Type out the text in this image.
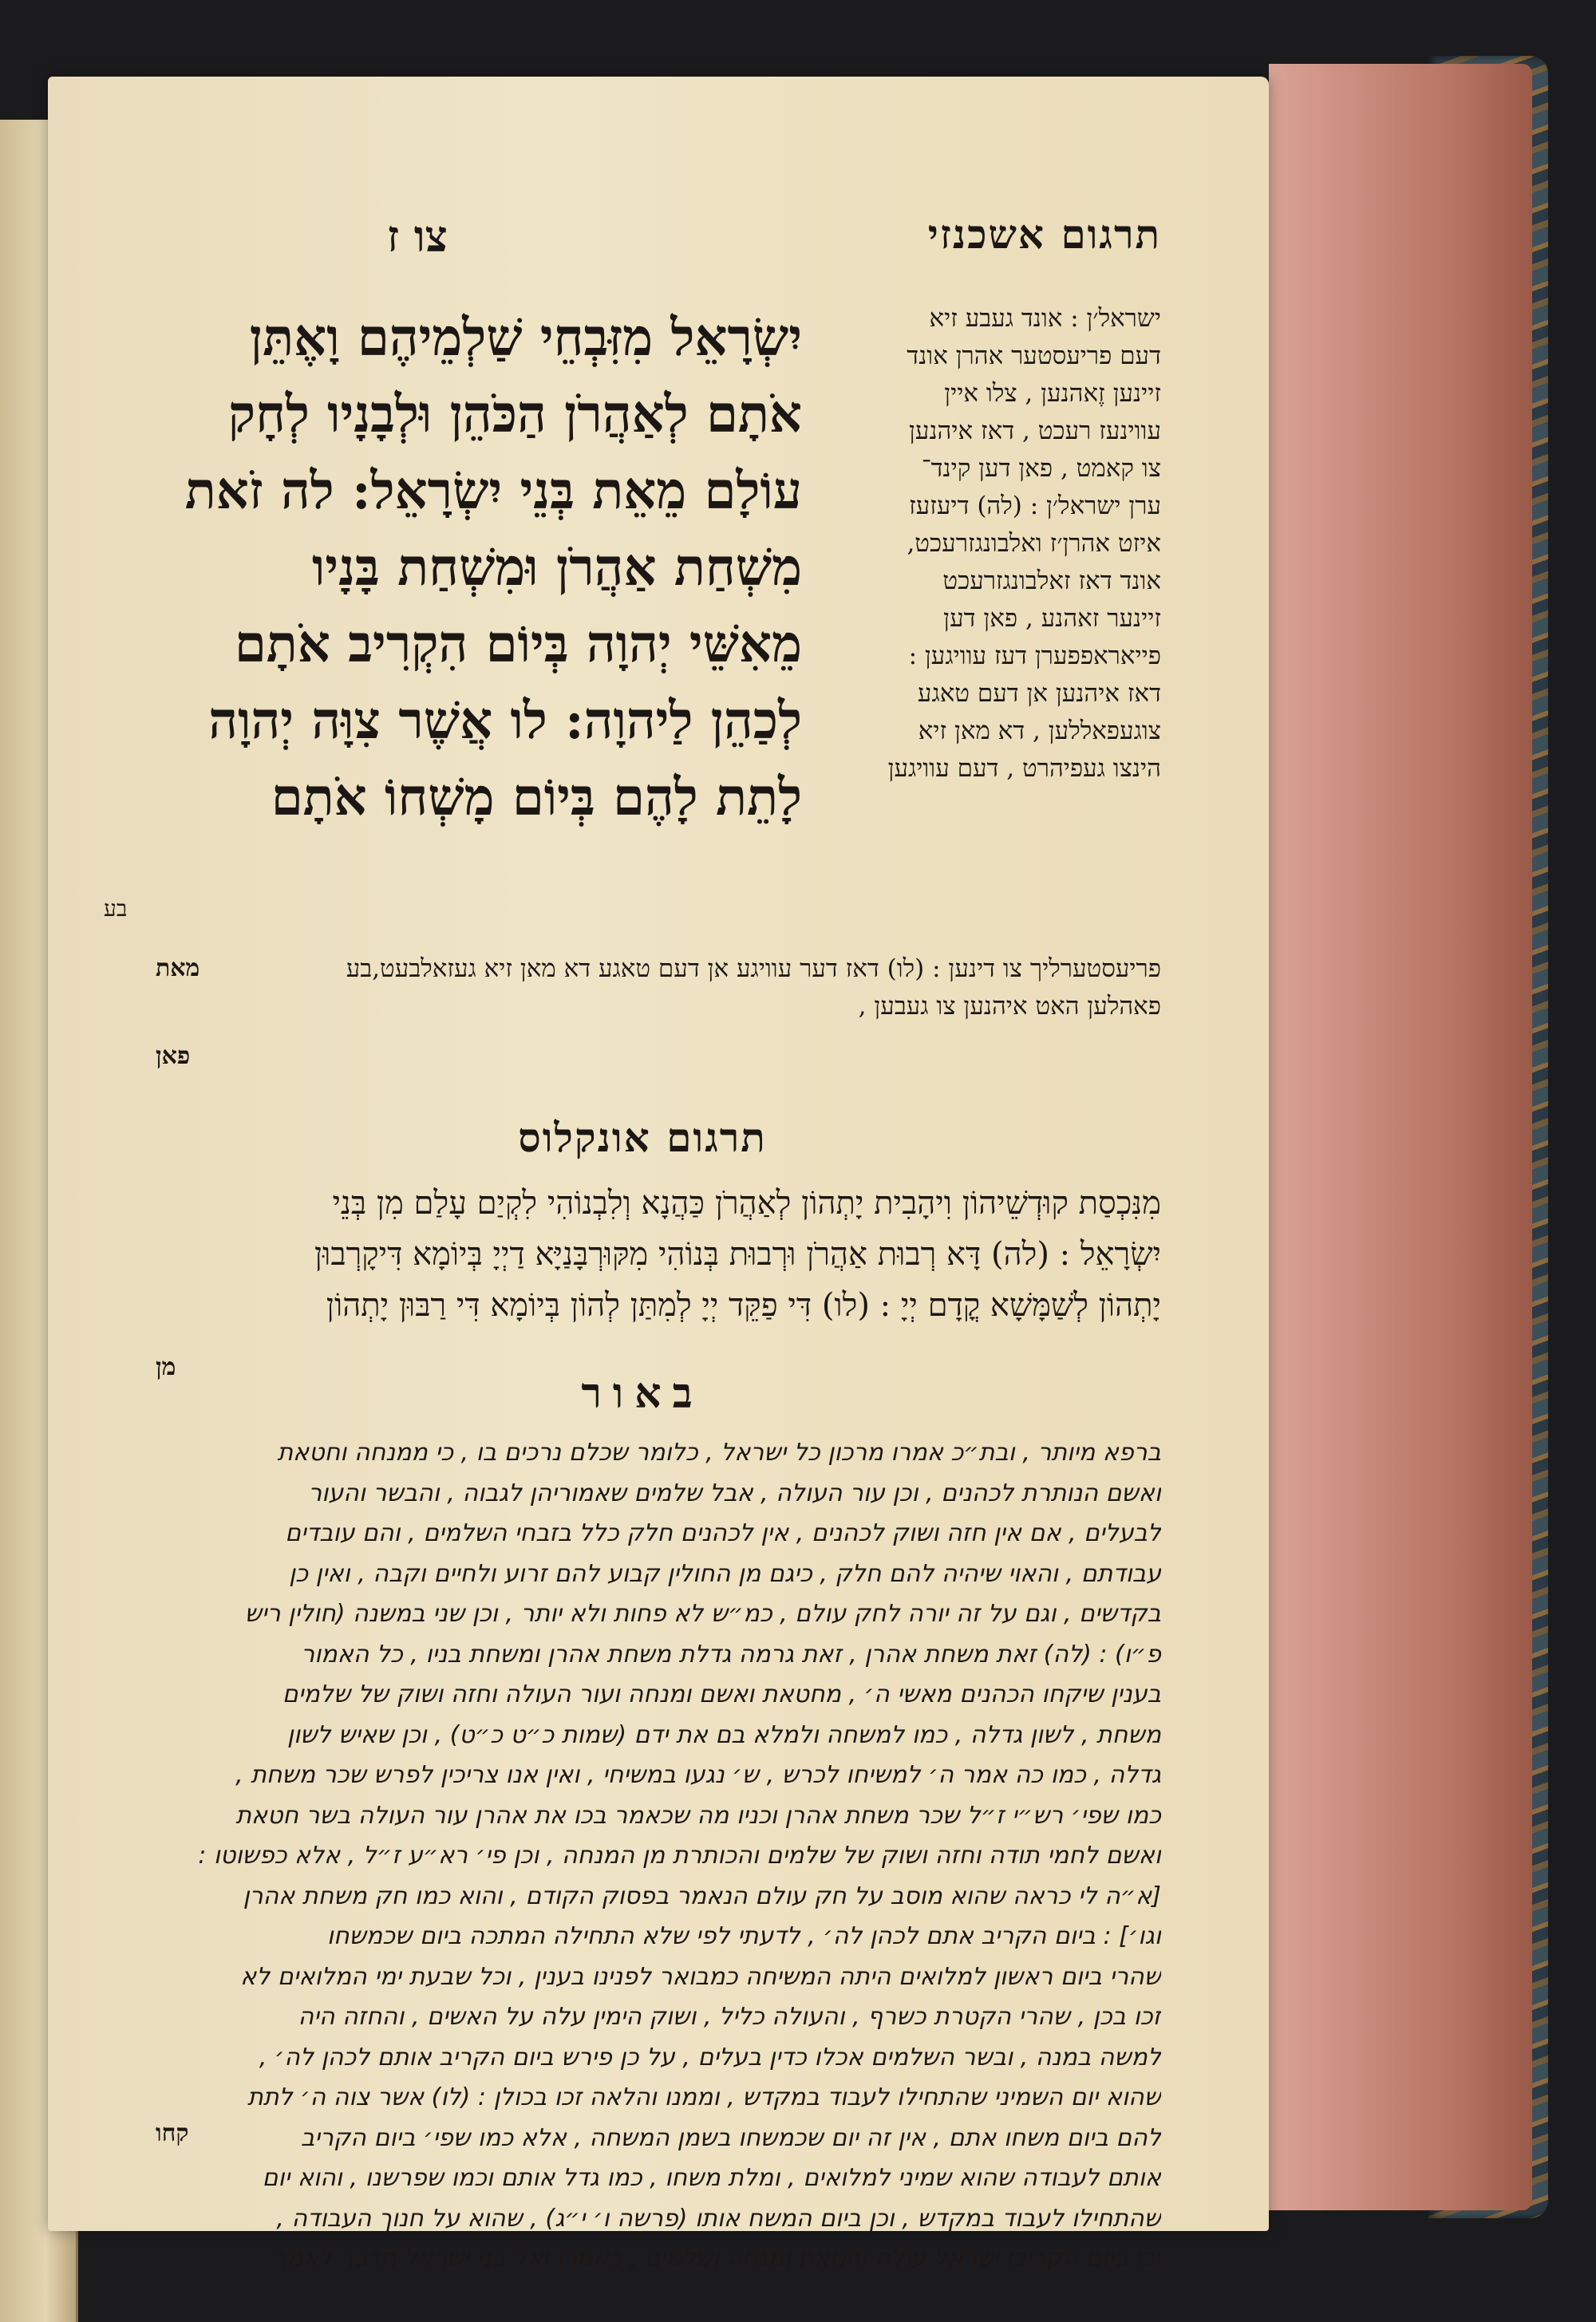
תרגום אשכנזי
צו ז
יִשְׂרָאֵל מִזִּבְחֵי שַׁלְמֵיהֶם וָאֶתֵּן
אֹתָם לְאַהֲרֹן הַכֹּהֵן וּלְבָנָיו לְחָק
עוֹלָם מֵאֵת בְּנֵי יִשְׂרָאֵל: לה זֹאת
מִשְׁחַת אַהֲרֹן וּמִשְׁחַת בָּנָיו
מֵאִשֵּׁי יְהוָה בְּיוֹם הִקְרִיב אֹתָם
לְכַהֵן לַיהוָה: לו אֲשֶׁר צִוָּה יְהוָה
לָתֵת לָהֶם בְּיוֹם מָשְׁחוֹ אֹתָם
מאת

ישראל׳ן : אונד געבע זיא

דעם פריעסטער אהרן אונד

זיינען זֶאהנען , צלו איין

עווינעז רעכט , דאז איהנען

צו קאמט , פאן דען קינד־

ערן ישראל׳ן : (לה) דיעזעז

איזט אהרן׳ז ואלבונגזרעכט,

אונד דאז זאלבונגזרעכט

זיינער זאהנע , פאן דען

פייאראפפערן דעז עוויגען :

דאז איהנען אן דעם טאגע

צוגעפאללען , דא מאן זיא

הינצו געפיהרט , דעם עוויגען

פריעסטערליך צו דינען : (לו) דאז דער עוויגע אן דעם טאגע דא מאן זיא געזאלבעט,בע

פאהלען האט איהנען צו געבען ,

פאן
תרגום אונקלוס

מִנִּכְסַת קוּדְשֵׁיהוֹן וִיהָבִית יָתְהוֹן לְאַהֲרֹן כַּהֲנָא וְלִבְנוֹהִי לִקְיַם עָלַם מִן בְּנֵי

יִשְׂרָאֵל : (לה) דָּא רְבוּת אַהֲרֹן וּרְבוּת בְּנוֹהִי מִקּוּרְבָּנַיָּא דַיְיָ בְּיוֹמָא דִּיקָרְבוּן

יָתְהוֹן לְשַׁמָּשָׁא קֳדָם יְיָ : (לו) דִּי פַקֵּד יְיָ לְמִתַּן לְהוֹן בְּיוֹמָא דִּי רַבּוּן יָתְהוֹן

מן
באור

ברפא מיותר , ובת״כ אמרו מרכון כל ישראל , כלומר שכלם נרכים בו , כי ממנחה וחטאת

ואשם הנותרת לכהנים , וכן עור העולה , אבל שלמים שאמוריהן לגבוה , והבשר והעור

לבעלים , אם אין חזה ושוק לכהנים , אין לכהנים חלק כלל בזבחי השלמים , והם עובדים

עבודתם , והאוי שיהיה להם חלק , כיגם מן החולין קבוע להם זרוע ולחיים וקבה , ואין כן

בקדשים , וגם על זה יורה לחק עולם , כמ״ש לא פחות ולא יותר , וכן שני במשנה (חולין ריש

פ״ו) : (לה) זאת משחת אהרן , זאת גרמה גדלת משחת אהרן ומשחת בניו , כל האמור

בענין שיקחו הכהנים מאשי ה׳ , מחטאת ואשם ומנחה ועור העולה וחזה ושוק של שלמים

משחת , לשון גדלה , כמו למשחה ולמלא בם את ידם (שמות כ״ט כ״ט) , וכן שאיש לשון

גדלה , כמו כה אמר ה׳ למשיחו לכרש , ש׳ נגעו במשיחי , ואין אנו צריכין לפרש שכר משחת ,

כמו שפי׳ רש״י ז״ל שכר משחת אהרן וכניו מה שכאמר בכו את אהרן עור העולה בשר חטאת

ואשם לחמי תודה וחזה ושוק של שלמים והכותרת מן המנחה , וכן פי׳ רא״ע ז״ל , אלא כפשוטו :

[א״ה לי כראה שהוא מוסב על חק עולם הנאמר בפסוק הקודם , והוא כמו חק משחת אהרן

וגו׳] : ביום הקריב אתם לכהן לה׳ , לדעתי לפי שלא התחילה המתכה ביום שכמשחו

שהרי ביום ראשון למלואים היתה המשיחה כמבואר לפנינו בענין , וכל שבעת ימי המלואים לא

זכו בכן , שהרי הקטרת כשרף , והעולה כליל , ושוק הימין עלה על האשים , והחזה היה

למשה במנה , ובשר השלמים אכלו כדין בעלים , על כן פירש ביום הקריב אותם לכהן לה׳ ,

שהוא יום השמיני שהתחילו לעבוד במקדש , וממנו והלאה זכו בכולן : (לו) אשר צוה ה׳ לתת

להם ביום משחו אתם , אין זה יום שכמשחו בשמן המשחה , אלא כמו שפי׳ ביום הקריב

אותם לעבודה שהוא שמיני למלואים , ומלת משחו , כמו גדל אותם וכמו שפרשנו , והוא יום

שהתחילו לעבוד במקדש , וכן ביום המשח אותו (פרשה ו׳ י״ג) , שהוא על חנוך העבודה ,

וכו ביום הקריבו ישראל עולה וחטאת ומנחה ושלמים , כאמרו ואל בני ישראל תדבר לאמר

קחו
בע
